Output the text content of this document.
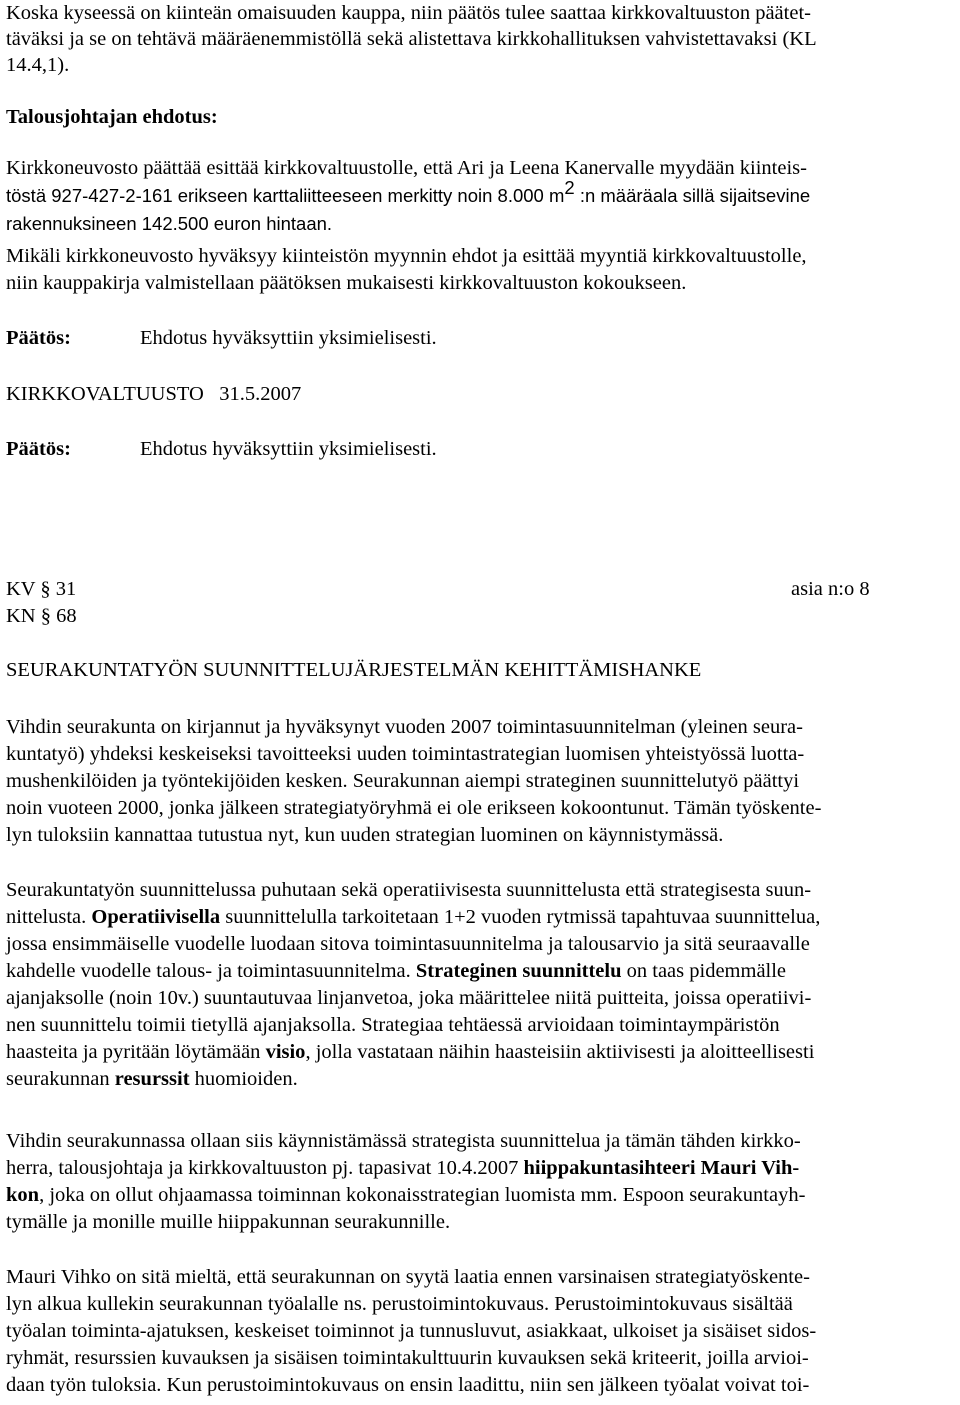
Koska kyseessä on kiinteän omaisuuden kauppa, niin päätös tulee saattaa kirkkovaltuuston päätet-
täväksi ja se on tehtävä määräenemmistöllä sekä alistettava kirkkohallituksen vahvistettavaksi (KL
14.4,1).
Talousjohtajan ehdotus:
Kirkkoneuvosto päättää esittää kirkkovaltuustolle, että Ari ja Leena Kanervalle myydään kiinteis-
töstä 927-427-2-161 erikseen karttaliitteeseen merkitty noin 8.000 $m^2$ :n määräala sillä sijaitsevine
rakennuksineen 142.500 euron hintaan.
Mikäli kirkkoneuvosto hyväksyy kiinteistön myynnin ehdot ja esittää myyntiä kirkkovaltuustolle,
niin kauppakirja valmistellaan päätöksen mukaisesti kirkkovaltuuston kokoukseen.
Päätös:	Ehdotus hyväksyttiin yksimielisesti.
KIRKKOVALTUUSTO   31.5.2007
Päätös:	Ehdotus hyväksyttiin yksimielisesti.
KV § 31	asia n:o 8
KN § 68
SEURAKUNTATYÖN SUUNNITTELUJÄRJESTELMÄN KEHITTÄMISHANKE
Vihdin seurakunta on kirjannut ja hyväksynyt vuoden 2007 toimintasuunnitelman (yleinen seura-
kuntatyö) yhdeksi keskeiseksi tavoitteeksi uuden toimintastrategian luomisen yhteistyössä luotta-
mushenkilöiden ja työntekijöiden kesken. Seurakunnan aiempi strateginen suunnittelutyö päättyi
noin vuoteen 2000, jonka jälkeen strategiatyöryhmä ei ole erikseen kokoontunut. Tämän työskente-
lyn tuloksiin kannattaa tutustua nyt, kun uuden strategian luominen on käynnistymässä.
Seurakuntatyön suunnittelussa puhutaan sekä operatiivisesta suunnittelusta että strategisesta suun-
nittelusta. Operatiivisella suunnittelulla tarkoitetaan 1+2 vuoden rytmissä tapahtuvaa suunnittelua,
jossa ensimmäiselle vuodelle luodaan sitova toimintasuunnitelma ja talousarvio ja sitä seuraavalle
kahdelle vuodelle talous- ja toimintasuunnitelma. Strateginen suunnittelu on taas pidemmälle
ajanjaksolle (noin 10v.) suuntautuvaa linjanvetoa, joka määrittelee niitä puitteita, joissa operatiivi-
nen suunnittelu toimii tietyllä ajanjaksolla. Strategiaa tehtäessä arvioidaan toimintaympäristön
haasteita ja pyritään löytämään visio, jolla vastataan näihin haasteisiin aktiivisesti ja aloitteellisesti
seurakunnan resurssit huomioiden.
Vihdin seurakunnassa ollaan siis käynnistämässä strategista suunnittelua ja tämän tähden kirkko-
herra, talousjohtaja ja kirkkovaltuuston pj. tapasivat 10.4.2007 hiippakuntasihteeri Mauri Vih-
kon, joka on ollut ohjaamassa toiminnan kokonaisstrategian luomista mm. Espoon seurakuntayh-
tymälle ja monille muille hiippakunnan seurakunnille.
Mauri Vihko on sitä mieltä, että seurakunnan on syytä laatia ennen varsinaisen strategiatyöskente-
lyn alkua kullekin seurakunnan työalalle ns. perustoimintokuvaus. Perustoimintokuvaus sisältää
työalan toiminta-ajatuksen, keskeiset toiminnot ja tunnusluvut, asiakkaat, ulkoiset ja sisäiset sidos-
ryhmät, resurssien kuvauksen ja sisäisen toimintakulttuurin kuvauksen sekä kriteerit, joilla arvioi-
daan työn tuloksia. Kun perustoimintokuvaus on ensin laadittu, niin sen jälkeen työalat voivat toi-
